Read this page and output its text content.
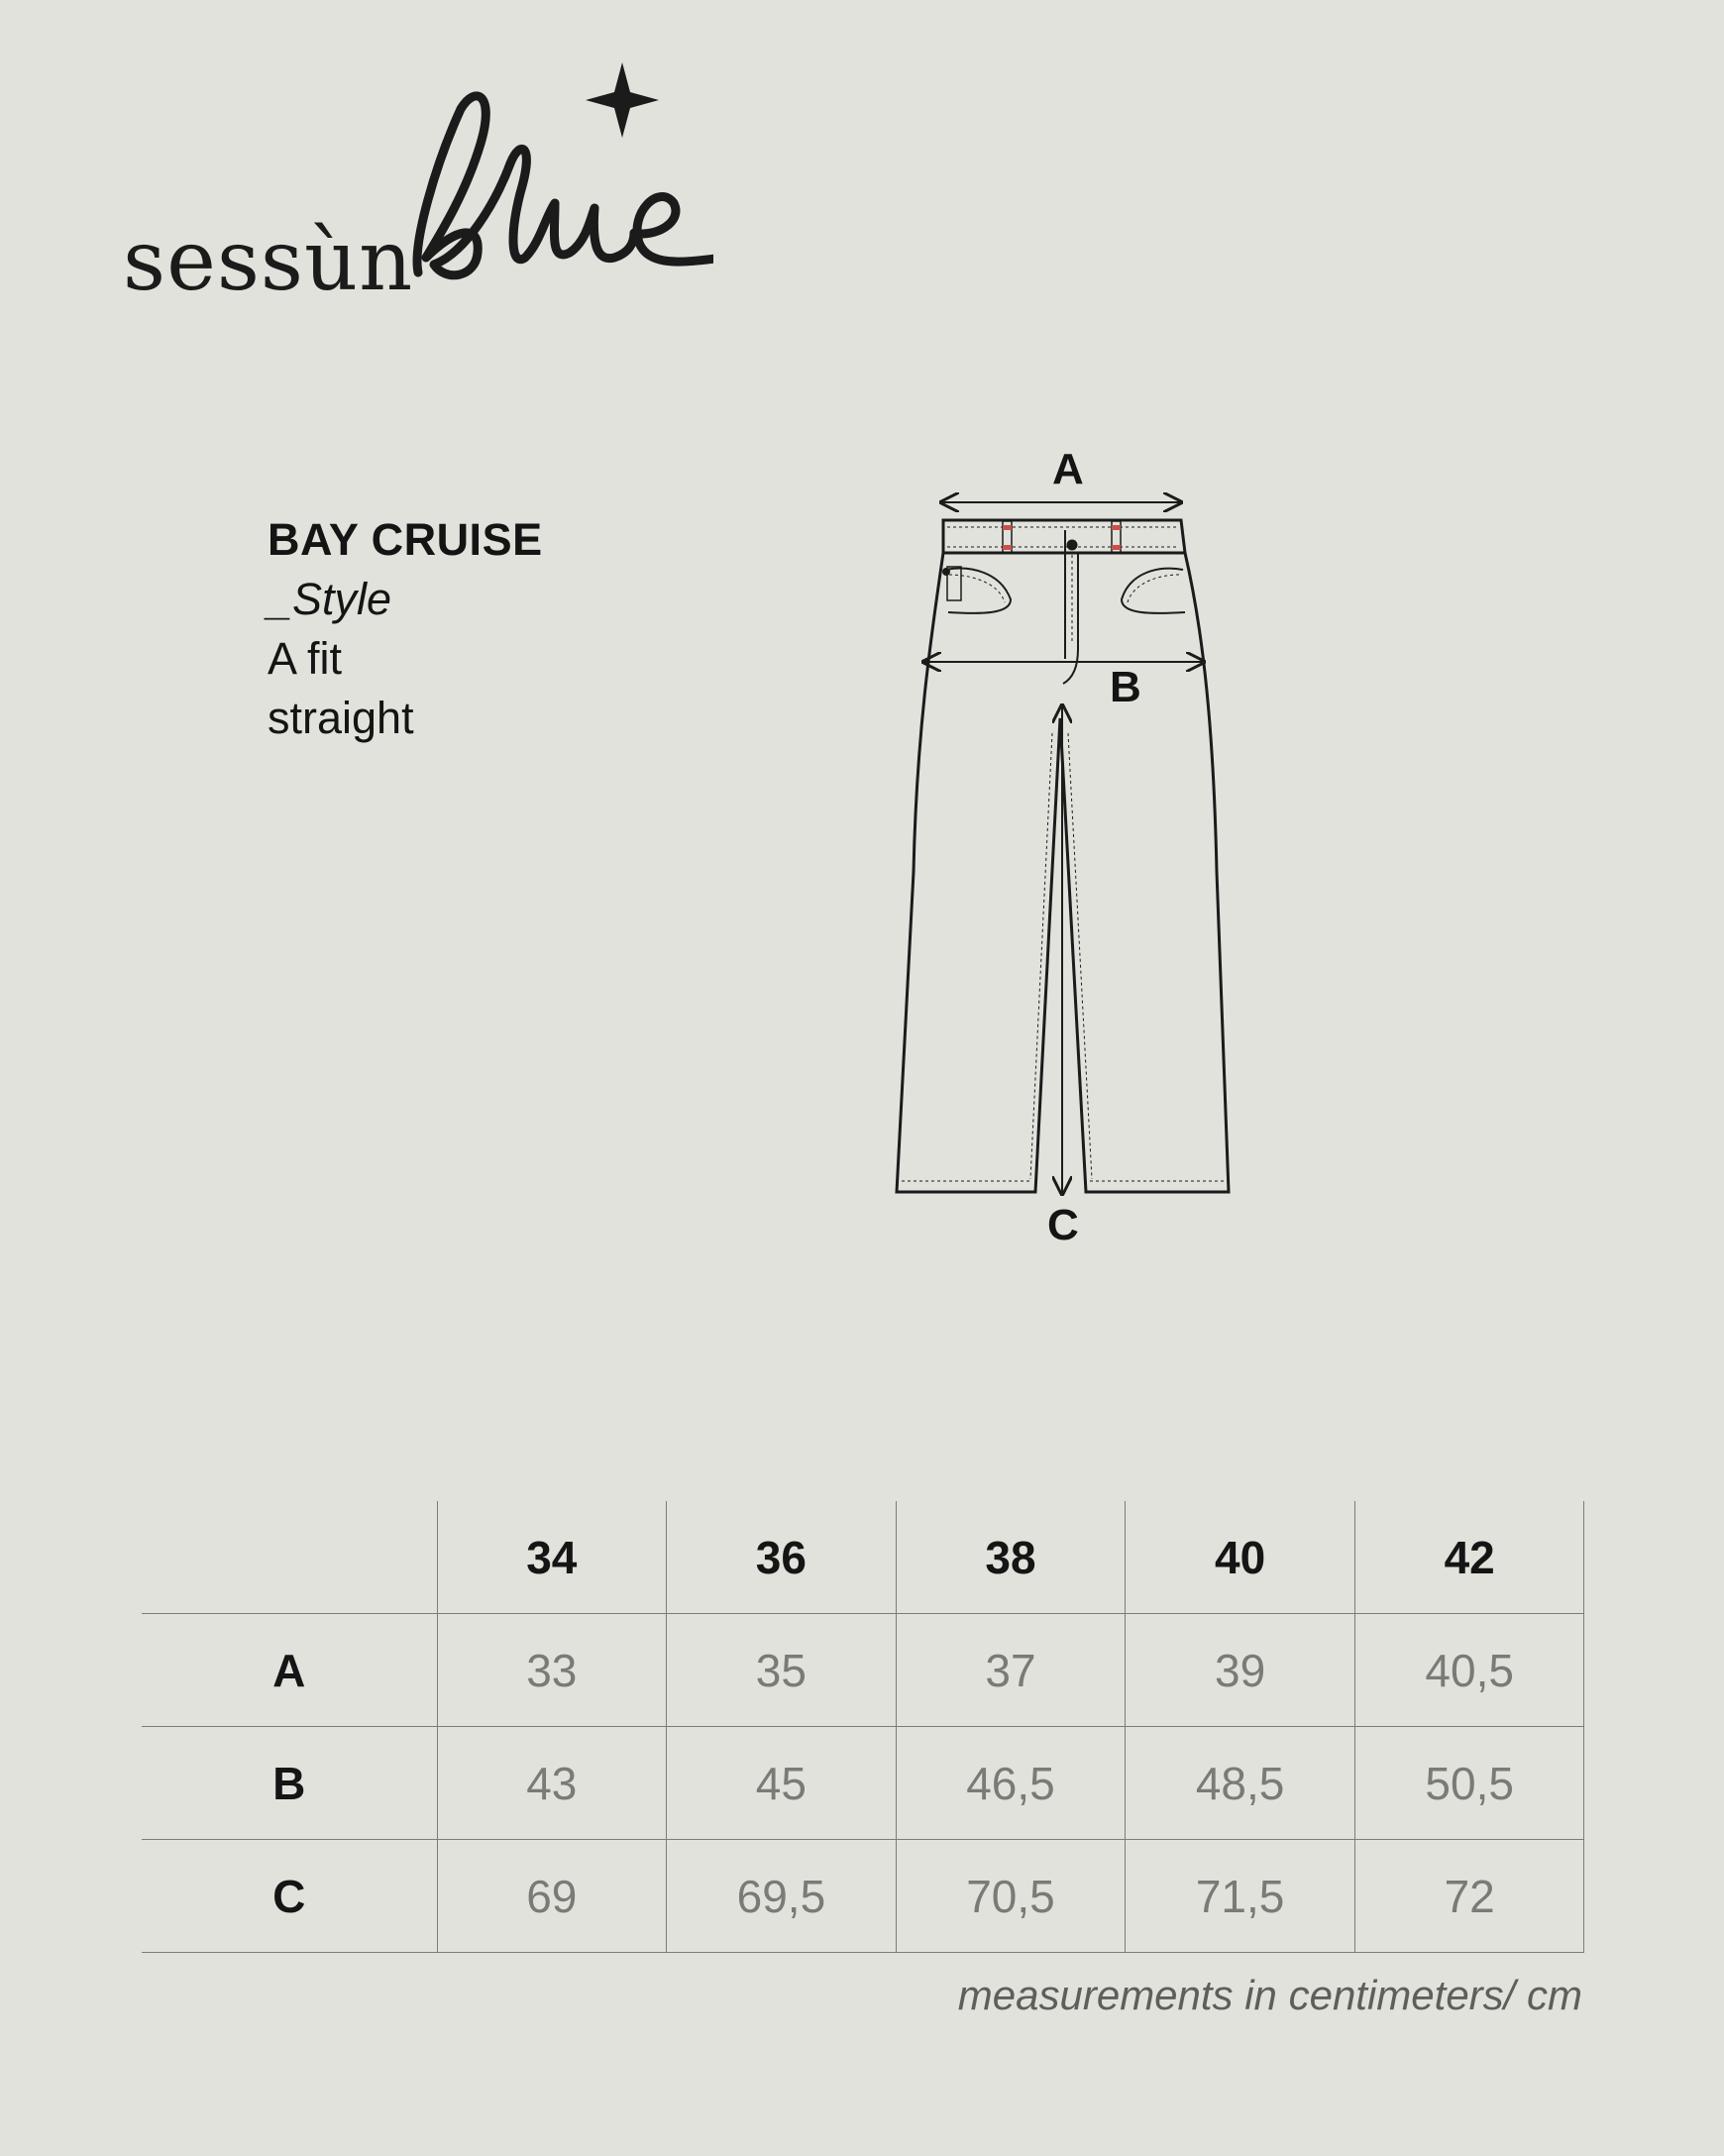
sessùn
BAY CRUISE
_Style
A fit
straight
A
B
C
	34	36	38	40	42
A	33	35	37	39	40,5
B	43	45	46,5	48,5	50,5
C	69	69,5	70,5	71,5	72
measurements in centimeters/ cm
